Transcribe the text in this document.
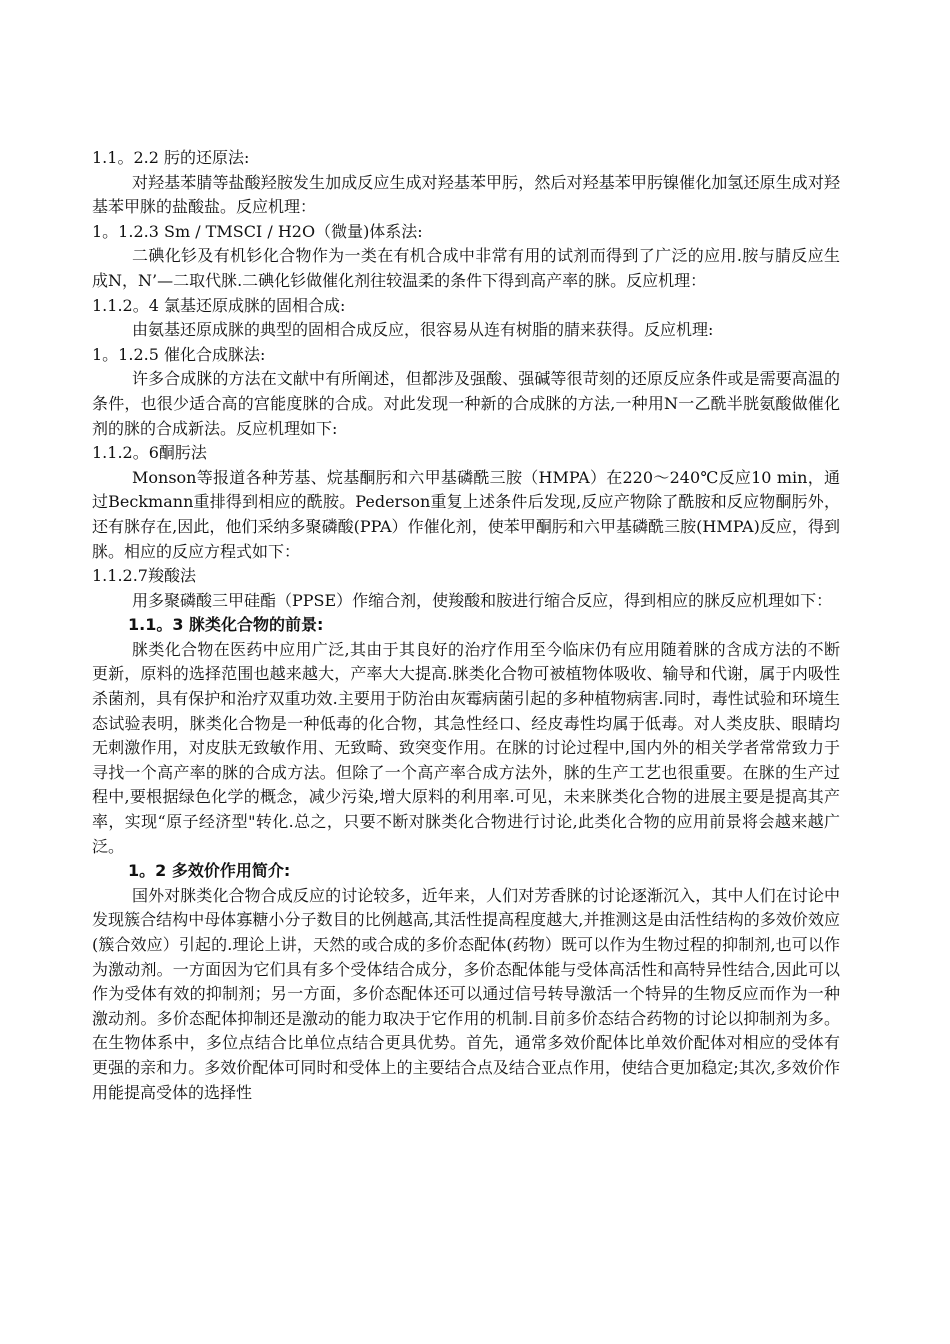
1.1。2.2 肟的还原法:

对羟基苯腈等盐酸羟胺发生加成反应生成对羟基苯甲肟，然后对羟基苯甲肟镍催化加氢还原生成对羟基苯甲脒的盐酸盐。反应机理：

1。1.2.3 Sm / TMSCI / H2O（微量)体系法:

二碘化钐及有机钐化合物作为一类在有机合成中非常有用的试剂而得到了广泛的应用.胺与腈反应生成N，N’—二取代脒.二碘化钐做催化剂往较温柔的条件下得到高产率的脒。反应机理：

1.1.2。4 氯基还原成脒的固相合成:

由氨基还原成脒的典型的固相合成反应，很容易从连有树脂的腈来获得。反应机理:

1。1.2.5 催化合成脒法:

许多合成脒的方法在文献中有所阐述，但都涉及强酸、强碱等很苛刻的还原反应条件或是需要高温的条件，也很少适合高的宫能度脒的合成。对此发现一种新的合成脒的方法,一种用N一乙酰半胱氨酸做催化剂的脒的合成新法。反应机理如下:

1.1.2。6酮肟法

Monson等报道各种芳基、烷基酮肟和六甲基磷酰三胺（HMPA）在220～240℃反应10 min，通过Beckmann重排得到相应的酰胺。Pederson重复上述条件后发现,反应产物除了酰胺和反应物酮肟外，还有脒存在,因此，他们采纳多聚磷酸(PPA）作催化剂，使苯甲酮肟和六甲基磷酰三胺(HMPA)反应，得到脒。相应的反应方程式如下：

1.1.2.7羧酸法

用多聚磷酸三甲硅酯（PPSE）作缩合剂，使羧酸和胺进行缩合反应，得到相应的脒反应机理如下：

1.1。3 脒类化合物的前景:

脒类化合物在医药中应用广泛,其由于其良好的治疗作用至今临床仍有应用随着脒的含成方法的不断更新，原料的选择范围也越来越大，产率大大提高.脒类化合物可被植物体吸收、输导和代谢，属于内吸性杀菌剂，具有保护和治疗双重功效.主要用于防治由灰霉病菌引起的多种植物病害.同时，毒性试验和环境生态试验表明，脒类化合物是一种低毒的化合物，其急性经口、经皮毒性均属于低毒。对人类皮肤、眼睛均无刺激作用，对皮肤无致敏作用、无致畸、致突变作用。在脒的讨论过程中,国内外的相关学者常常致力于寻找一个高产率的脒的合成方法。但除了一个高产率合成方法外，脒的生产工艺也很重要。在脒的生产过程中,要根据绿色化学的概念，减少污染,增大原料的利用率.可见，未来脒类化合物的进展主要是提高其产率，实现“原子经济型"转化.总之，只要不断对脒类化合物进行讨论,此类化合物的应用前景将会越来越广泛。

1。2 多效价作用简介:

国外对脒类化合物合成反应的讨论较多，近年来，人们对芳香脒的讨论逐渐沉入，其中人们在讨论中发现簇合结构中母体寡糖小分子数目的比例越高,其活性提高程度越大,并推测这是由活性结构的多效价效应(簇合效应）引起的.理论上讲，天然的或合成的多价态配体(药物）既可以作为生物过程的抑制剂,也可以作为激动剂。一方面因为它们具有多个受体结合成分，多价态配体能与受体高活性和高特异性结合,因此可以作为受体有效的抑制剂；另一方面，多价态配体还可以通过信号转导激活一个特异的生物反应而作为一种激动剂。多价态配体抑制还是激动的能力取决于它作用的机制.目前多价态结合药物的讨论以抑制剂为多。在生物体系中，多位点结合比单位点结合更具优势。首先，通常多效价配体比单效价配体对相应的受体有更强的亲和力。多效价配体可同时和受体上的主要结合点及结合亚点作用，使结合更加稳定;其次,多效价作用能提高受体的选择性
